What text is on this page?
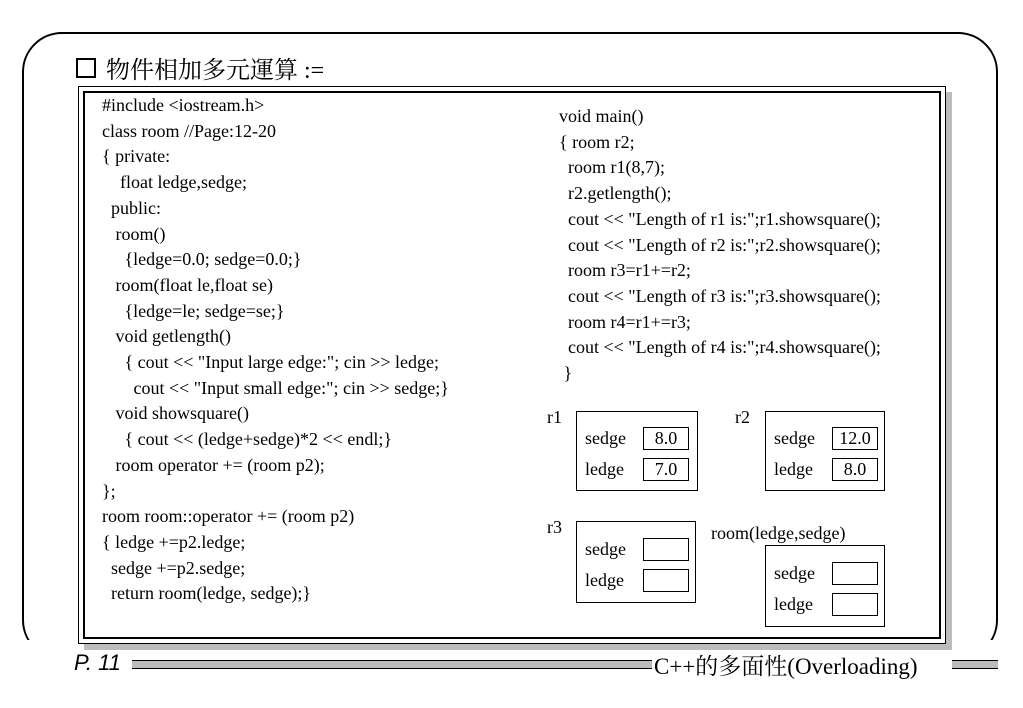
P. 11	C++的多面性(Overloading)
物件相加多元運算 :=
#include <iostream.h>
class room //Page:12-20
{ private:
float ledge,sedge;
public:
room()
{ledge=0.0; sedge=0.0;}
room(float le,float se)
{ledge=le; sedge=se;}
void getlength()
{ cout << "Input large edge:"; cin >> ledge;
cout << "Input small edge:"; cin >> sedge;}
void showsquare()
{ cout << (ledge+sedge)*2 << endl;}
room operator += (room p2);
};
room room::operator += (room p2)
{ ledge +=p2.ledge;
sedge +=p2.sedge;
return room(ledge, sedge);}
void main()
{ room r2;
room r1(8,7);
r2.getlength();
cout << "Length of r1 is:";r1.showsquare();
cout << "Length of r2 is:";r2.showsquare();
room r3=r1+=r2;
cout << "Length of r3 is:";r3.showsquare();
room r4=r1+=r3;
cout << "Length of r4 is:";r4.showsquare();
}
r1
sedge	8.0
ledge	7.0
r2
sedge	12.0
ledge	8.0
r3
sedge
ledge
room(ledge,sedge)
sedge
ledge
